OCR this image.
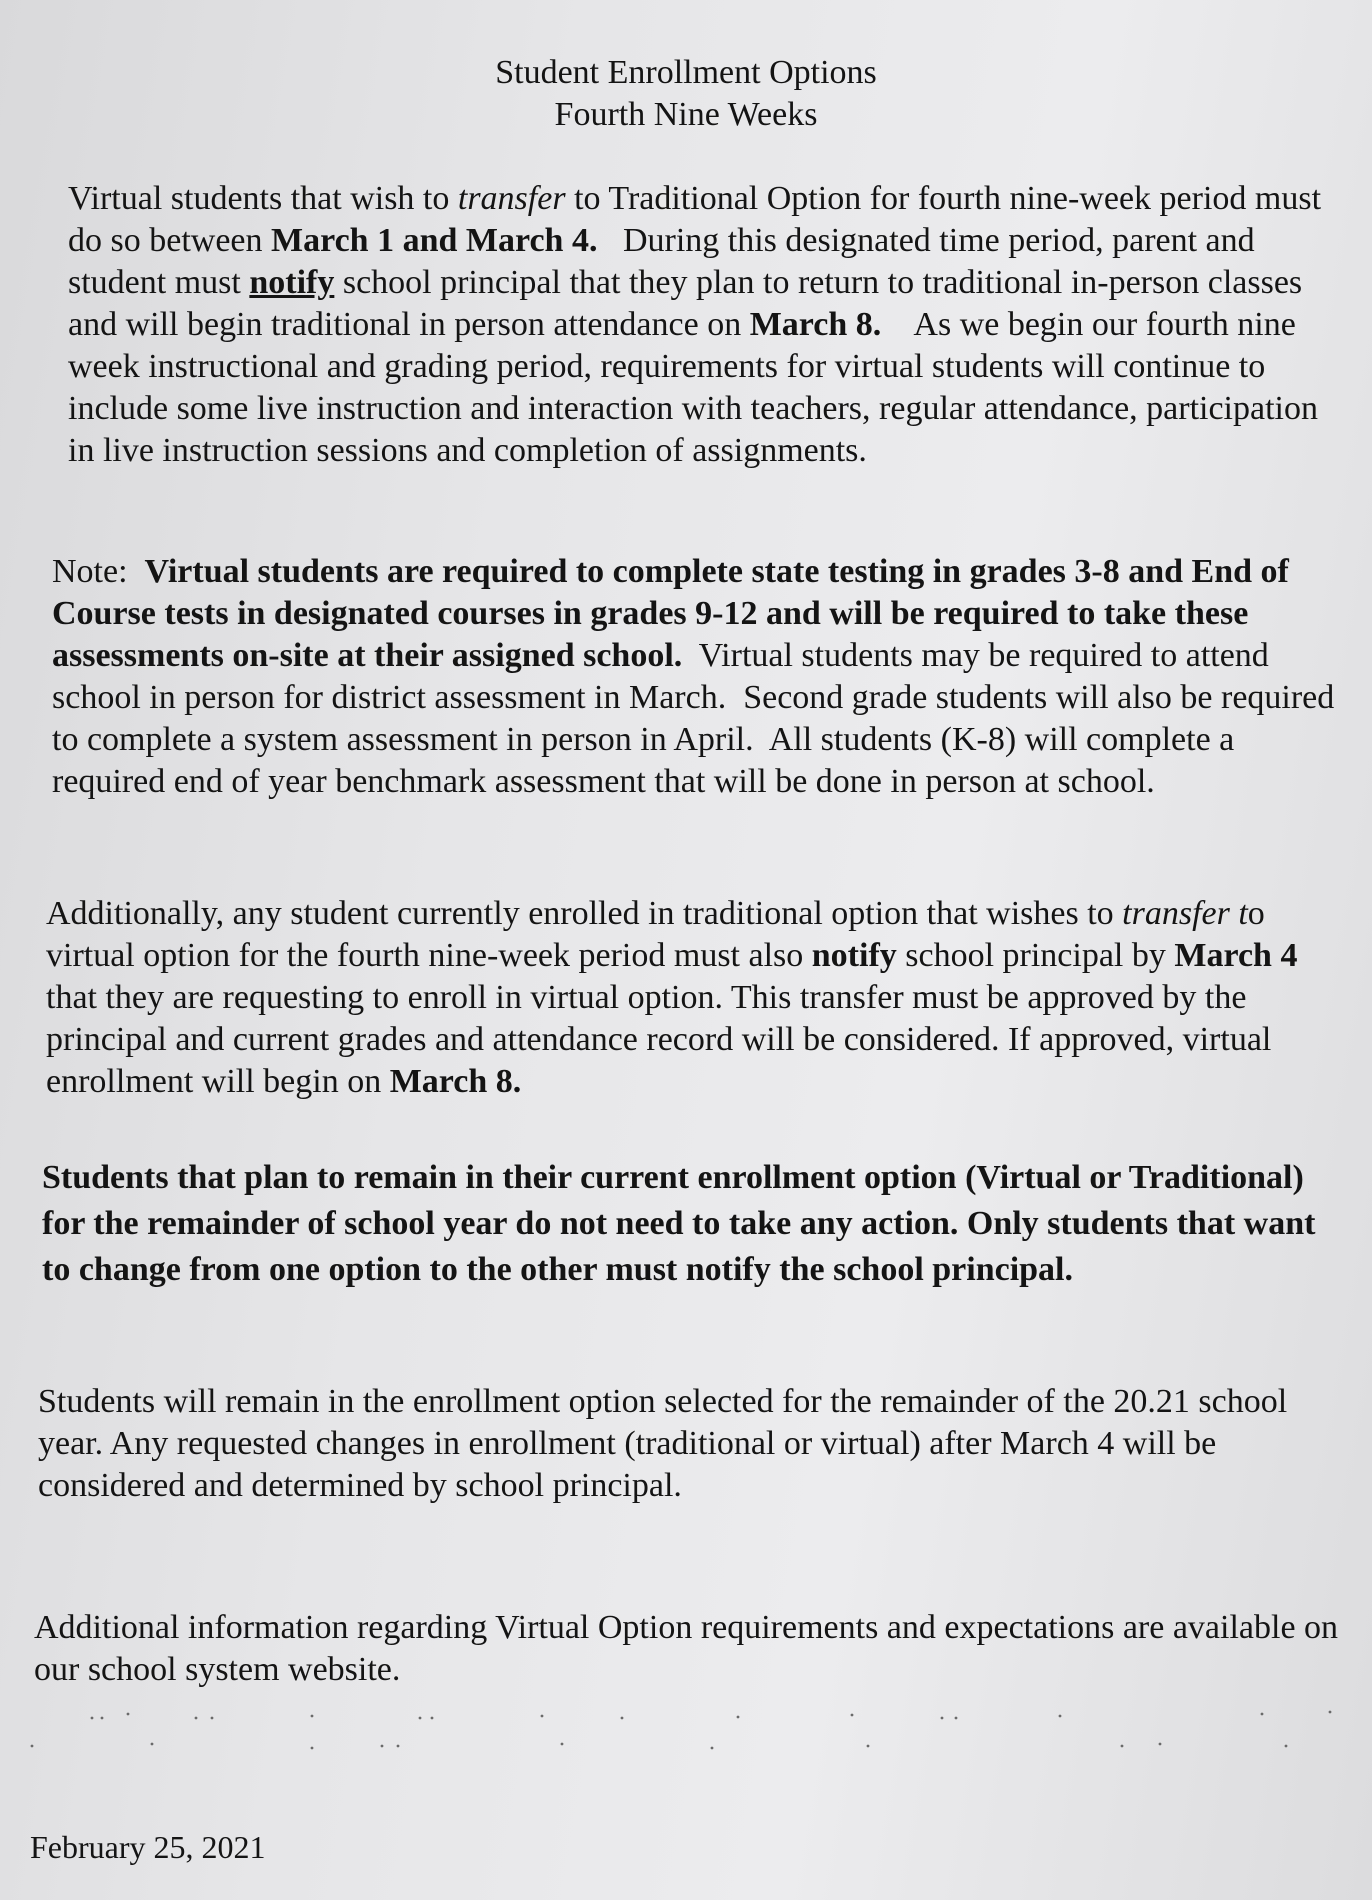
Student Enrollment Options
Fourth Nine Weeks

Virtual students that wish to transfer to Traditional Option for fourth nine-week period must do so between March 1 and March 4.   During this designated time period, parent and student must notify school principal that they plan to return to traditional in-person classes and will begin traditional in person attendance on March 8.    As we begin our fourth nine week instructional and grading period, requirements for virtual students will continue to include some live instruction and interaction with teachers, regular attendance, participation in live instruction sessions and completion of assignments.

Note:  Virtual students are required to complete state testing in grades 3-8 and End of Course tests in designated courses in grades 9-12 and will be required to take these assessments on-site at their assigned school.  Virtual students may be required to attend school in person for district assessment in March.  Second grade students will also be required to complete a system assessment in person in April.  All students (K-8) will complete a required end of year benchmark assessment that will be done in person at school.

Additionally, any student currently enrolled in traditional option that wishes to transfer to virtual option for the fourth nine-week period must also notify school principal by March 4 that they are requesting to enroll in virtual option. This transfer must be approved by the principal and current grades and attendance record will be considered. If approved, virtual enrollment will begin on March 8.

Students that plan to remain in their current enrollment option (Virtual or Traditional) for the remainder of school year do not need to take any action. Only students that want to change from one option to the other must notify the school principal.

Students will remain in the enrollment option selected for the remainder of the 20.21 school year. Any requested changes in enrollment (traditional or virtual) after March 4 will be considered and determined by school principal.

Additional information regarding Virtual Option requirements and expectations are available on our school system website.

February 25, 2021
